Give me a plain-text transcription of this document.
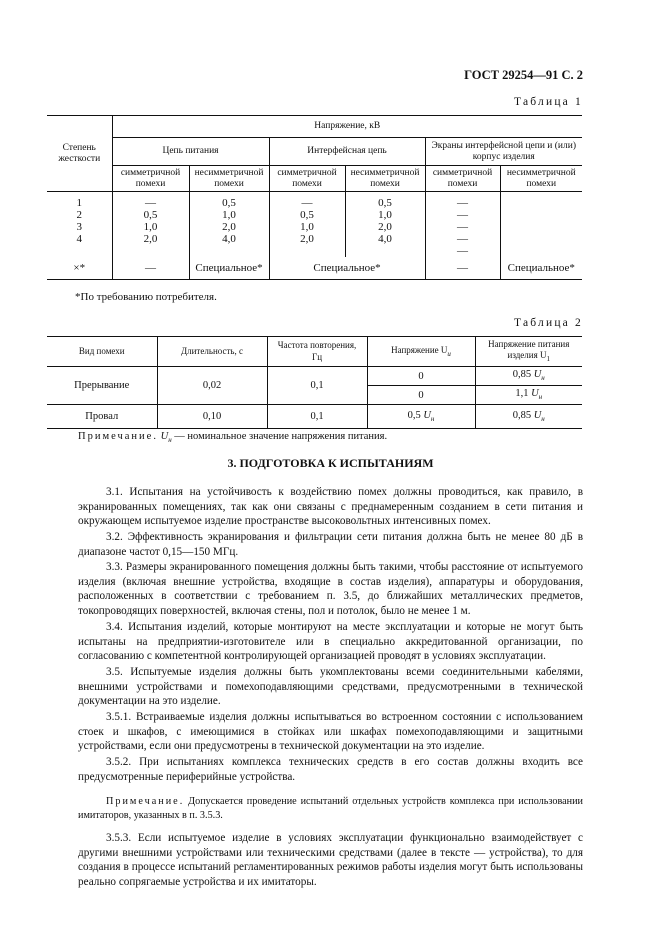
ГОСТ 29254—91 С. 2
Таблица 1
Степень жесткости	Напряжение, кВ					
	Цепь питания		Интерфейсная цепь		Экраны интерфейсной цепи и (или) корпус изделия	
	симметричной помехи	несимметричной помехи	симметричной помехи	несимметричной помехи	симметричной помехи	несимметричной помехи

1	—	0,5	—	0,5	—	
2	0,5	1,0	0,5	1,0	—	
3	1,0	2,0	1,0	2,0	—	
4	2,0	4,0	2,0	4,0	—	
					—	
×*	—	Специальное*	Специальное*		—	Специальное*
*По требованию потребителя.
Таблица 2
Вид помехи	Длительность, с	Частота повторения, Гц	Напряжение $U_и$	Напряжение питания изделия $U_1$
Прерывание	0,02	0,1	0	0,85 $U_н$
			0	1,1 $U_н$
Провал	0,10	0,1	0,5 $U_н$	0,85 $U_н$
Примечание. $U_н$ — номинальное значение напряжения питания.
3. ПОДГОТОВКА К ИСПЫТАНИЯМ

3.1. Испытания на устойчивость к воздействию помех должны проводиться, как правило, в экранированных помещениях, так как они связаны с преднамеренным созданием в сети питания и окружающем испытуемое изделие пространстве высоковольтных интенсивных помех.

3.2. Эффективность экранирования и фильтрации сети питания должна быть не менее 80 дБ в диапазоне частот 0,15—150 МГц.

3.3. Размеры экранированного помещения должны быть такими, чтобы расстояние от испытуемого изделия (включая внешние устройства, входящие в состав изделия), аппаратуры и оборудования, расположенных в соответствии с требованием п. 3.5, до ближайших металлических предметов, токопроводящих поверхностей, включая стены, пол и потолок, было не менее 1 м.

3.4. Испытания изделий, которые монтируют на месте эксплуатации и которые не могут быть испытаны на предприятии-изготовителе или в специально аккредитованной организации, по согласованию с компетентной контролирующей организацией проводят в условиях эксплуатации.

3.5. Испытуемые изделия должны быть укомплектованы всеми соединительными кабелями, внешними устройствами и помехоподавляющими средствами, предусмотренными в технической документации на это изделие.

3.5.1. Встраиваемые изделия должны испытываться во встроенном состоянии с использованием стоек и шкафов, с имеющимися в стойках или шкафах помехоподавляющими и защитными устройствами, если они предусмотрены в технической документации на это изделие.

3.5.2. При испытаниях комплекса технических средств в его состав должны входить все предусмотренные периферийные устройства.

Примечание. Допускается проведение испытаний отдельных устройств комплекса при использовании имитаторов, указанных в п. 3.5.3.

3.5.3. Если испытуемое изделие в условиях эксплуатации функционально взаимодействует с другими внешними устройствами или техническими средствами (далее в тексте — устройства), то для создания в процессе испытаний регламентированных режимов работы изделия могут быть использованы реально сопрягаемые устройства и их имитаторы.
